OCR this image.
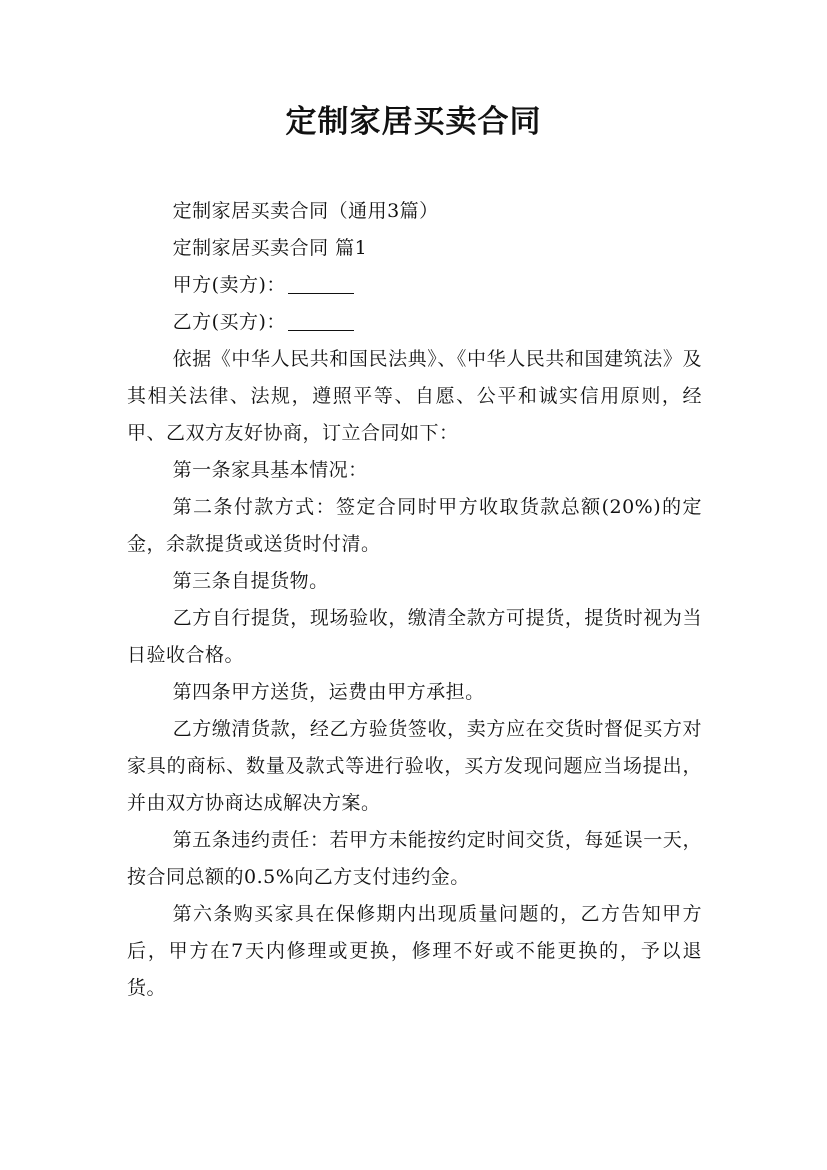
定制家居买卖合同

定制家居买卖合同（通用3篇）

定制家居买卖合同 篇1

甲方(卖方)：

乙方(买方)：

依据《中华人民共和国民法典》、《中华人民共和国建筑法》及其相关法律、法规，遵照平等、自愿、公平和诚实信用原则，经甲、乙双方友好协商，订立合同如下：

第一条家具基本情况：

第二条付款方式：签定合同时甲方收取货款总额(20%)的定金，余款提货或送货时付清。

第三条自提货物。

乙方自行提货，现场验收，缴清全款方可提货，提货时视为当日验收合格。

第四条甲方送货，运费由甲方承担。

乙方缴清货款，经乙方验货签收，卖方应在交货时督促买方对家具的商标、数量及款式等进行验收，买方发现问题应当场提出，并由双方协商达成解决方案。

第五条违约责任：若甲方未能按约定时间交货，每延误一天，按合同总额的0.5%向乙方支付违约金。

第六条购买家具在保修期内出现质量问题的，乙方告知甲方后，甲方在7天内修理或更换，修理不好或不能更换的，予以退货。
